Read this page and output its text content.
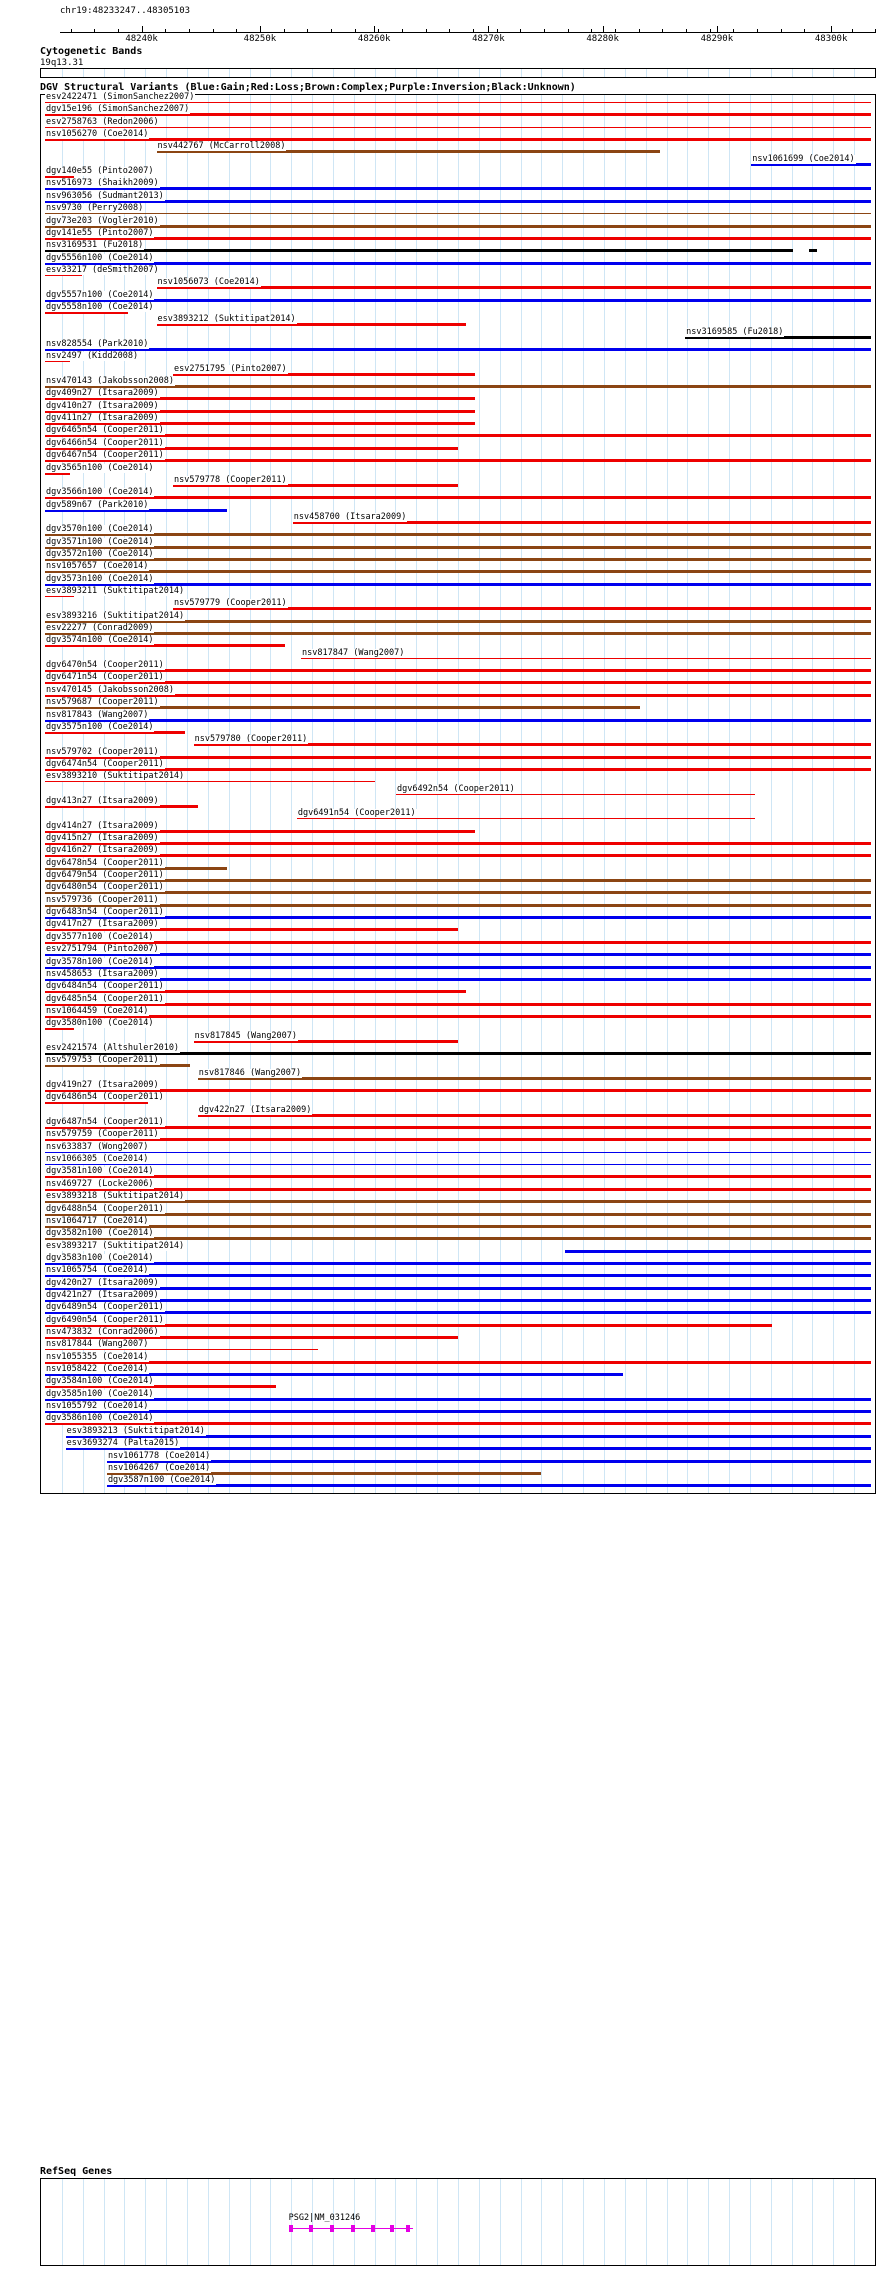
chr19:48233247..48305103
48240k	48250k	48260k	48270k	48280k	48290k	48300k
Cytogenetic Bands
19q13.31
DGV Structural Variants (Blue:Gain;Red:Loss;Brown:Complex;Purple:Inversion;Black:Unknown)
esv2422471 (SimonSanchez2007)
dgv15e196 (SimonSanchez2007)
esv2758763 (Redon2006)
nsv1056270 (Coe2014)
nsv442767 (McCarroll2008)
nsv1061699 (Coe2014)
dgv140e55 (Pinto2007)
nsv516973 (Shaikh2009)
nsv963056 (Sudmant2013)
nsv9730 (Perry2008)
dgv73e203 (Vogler2010)
dgv141e55 (Pinto2007)
nsv3169531 (Fu2018)
dgv5556n100 (Coe2014)
esv33217 (deSmith2007)
nsv1056073 (Coe2014)
dgv5557n100 (Coe2014)
dgv5558n100 (Coe2014)
esv3893212 (Suktitipat2014)
nsv3169585 (Fu2018)
nsv828554 (Park2010)
nsv2497 (Kidd2008)
esv2751795 (Pinto2007)
nsv470143 (Jakobsson2008)
dgv409n27 (Itsara2009)
dgv410n27 (Itsara2009)
dgv411n27 (Itsara2009)
dgv6465n54 (Cooper2011)
dgv6466n54 (Cooper2011)
dgv6467n54 (Cooper2011)
dgv3565n100 (Coe2014)
nsv579778 (Cooper2011)
dgv3566n100 (Coe2014)
dgv589n67 (Park2010)
nsv458700 (Itsara2009)
dgv3570n100 (Coe2014)
dgv3571n100 (Coe2014)
dgv3572n100 (Coe2014)
nsv1057657 (Coe2014)
dgv3573n100 (Coe2014)
esv3893211 (Suktitipat2014)
nsv579779 (Cooper2011)
esv3893216 (Suktitipat2014)
esv22277 (Conrad2009)
dgv3574n100 (Coe2014)
nsv817847 (Wang2007)
dgv6470n54 (Cooper2011)
dgv6471n54 (Cooper2011)
nsv470145 (Jakobsson2008)
nsv579687 (Cooper2011)
nsv817843 (Wang2007)
dgv3575n100 (Coe2014)
nsv579780 (Cooper2011)
nsv579702 (Cooper2011)
dgv6474n54 (Cooper2011)
esv3893210 (Suktitipat2014)
dgv6492n54 (Cooper2011)
dgv413n27 (Itsara2009)
dgv6491n54 (Cooper2011)
dgv414n27 (Itsara2009)
dgv415n27 (Itsara2009)
dgv416n27 (Itsara2009)
dgv6478n54 (Cooper2011)
dgv6479n54 (Cooper2011)
dgv6480n54 (Cooper2011)
nsv579736 (Cooper2011)
dgv6483n54 (Cooper2011)
dgv417n27 (Itsara2009)
dgv3577n100 (Coe2014)
esv2751794 (Pinto2007)
dgv3578n100 (Coe2014)
nsv458653 (Itsara2009)
dgv6484n54 (Cooper2011)
dgv6485n54 (Cooper2011)
nsv1064459 (Coe2014)
dgv3580n100 (Coe2014)
nsv817845 (Wang2007)
esv2421574 (Altshuler2010)
nsv579753 (Cooper2011)
nsv817846 (Wang2007)
dgv419n27 (Itsara2009)
dgv6486n54 (Cooper2011)
dgv422n27 (Itsara2009)
dgv6487n54 (Cooper2011)
nsv579759 (Cooper2011)
nsv633837 (Wong2007)
nsv1066305 (Coe2014)
dgv3581n100 (Coe2014)
nsv469727 (Locke2006)
esv3893218 (Suktitipat2014)
dgv6488n54 (Cooper2011)
nsv1064717 (Coe2014)
dgv3582n100 (Coe2014)
esv3893217 (Suktitipat2014)
dgv3583n100 (Coe2014)
nsv1065754 (Coe2014)
dgv420n27 (Itsara2009)
dgv421n27 (Itsara2009)
dgv6489n54 (Cooper2011)
dgv6490n54 (Cooper2011)
nsv473832 (Conrad2006)
nsv817844 (Wang2007)
nsv1055355 (Coe2014)
nsv1058422 (Coe2014)
dgv3584n100 (Coe2014)
dgv3585n100 (Coe2014)
nsv1055792 (Coe2014)
dgv3586n100 (Coe2014)
esv3893213 (Suktitipat2014)
esv3693274 (Palta2015)
nsv1061778 (Coe2014)
nsv1064267 (Coe2014)
dgv3587n100 (Coe2014)
RefSeq Genes
PSG2|NM_031246
